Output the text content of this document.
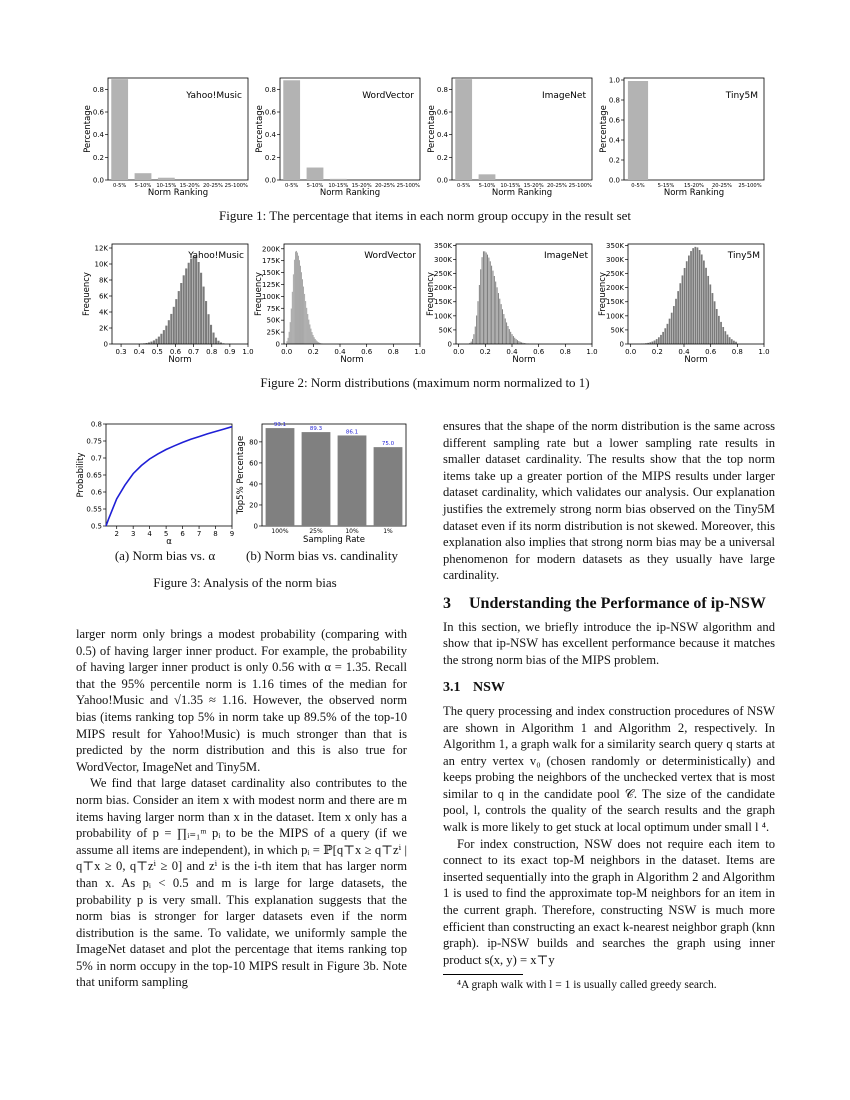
0.0
0.2
0.4
0.6
0.8
0-5% 5-10% 10-15% 15-20% 20-25% 25-100%
Norm Ranking
Percentage
Yahoo!Music
0.0
0.2
0.4
0.6
0.8
0-5% 5-10% 10-15% 15-20% 20-25% 25-100%
Norm Ranking
Percentage
WordVector
0.0
0.2
0.4
0.6
0.8
0-5% 5-10% 10-15% 15-20% 20-25% 25-100%
Norm Ranking
Percentage
ImageNet
0.0
0.2
0.4
0.6
0.8
1.0
0-5% 5-15% 15-20% 20-25% 25-100%
Norm Ranking
Percentage
Tiny5M
Figure 1: The percentage that items in each norm group occupy in the result set
0
2K
4K
6K
8K
10K
12K
0.3 0.4 0.5 0.6 0.7 0.8 0.9 1.0
Norm
Frequency
Yahoo!Music
0
25K
50K
75K
100K
125K
150K
175K
200K
0.0 0.2 0.4 0.6 0.8 1.0
Norm
Frequency
WordVector
0
50K
100K
150K
200K
250K
300K
350K
0.0 0.2 0.4 0.6 0.8 1.0
Norm
Frequency
ImageNet
0
50K
100K
150K
200K
250K
300K
350K
0.0 0.2 0.4 0.6 0.8 1.0
Norm
Frequency
Tiny5M
Figure 2: Norm distributions (maximum norm normalized to 1)
0.5
0.55
0.6
0.65
0.7
0.75
0.8
2 3 4 5 6 7 8 9
α
Probability
0
20
40
60
80
93.1
100%
89.3
25%
86.1
10%
75.0
1%
Sampling Rate
Top5% Percentage
(a) Norm bias vs. α	(b) Norm bias vs. candinality
Figure 3: Analysis of the norm bias

larger norm only brings a modest probability (comparing with 0.5) of having larger inner product. For example, the probability of having larger inner product is only 0.56 with α = 1.35. Recall that the 95% percentile norm is 1.16 times of the median for Yahoo!Music and √1.35 ≈ 1.16. However, the observed norm bias (items ranking top 5% in norm take up 89.5% of the top-10 MIPS result for Yahoo!Music) is much stronger than that is predicted by the norm distribution and this is also true for WordVector, ImageNet and Tiny5M.

We find that large dataset cardinality also contributes to the norm bias. Consider an item x with modest norm and there are m items having larger norm than x in the dataset. Item x only has a probability of p = ∏ᵢ₌₁ᵐ pᵢ to be the MIPS of a query (if we assume all items are independent), in which pᵢ = ℙ[q⊤x ≥ q⊤zⁱ | q⊤x ≥ 0, q⊤zⁱ ≥ 0] and zⁱ is the i-th item that has larger norm than x. As pᵢ < 0.5 and m is large for large datasets, the probability p is very small. This explanation suggests that the norm bias is stronger for larger datasets even if the norm distribution is the same. To validate, we uniformly sample the ImageNet dataset and plot the percentage that items ranking top 5% in norm occupy in the top-10 MIPS result in Figure 3b. Note that uniform sampling

ensures that the shape of the norm distribution is the same across different sampling rate but a lower sampling rate results in smaller dataset cardinality. The results show that the top norm items take up a greater portion of the MIPS results under larger dataset cardinality, which validates our analysis. Our explanation justifies the extremely strong norm bias observed on the Tiny5M dataset even if its norm distribution is not skewed. Moreover, this explanation also implies that strong norm bias may be a universal phenomenon for modern datasets as they usually have large cardinality.

3 Understanding the Performance of ip-NSW

In this section, we briefly introduce the ip-NSW algorithm and show that ip-NSW has excellent performance because it matches the strong norm bias of the MIPS problem.

3.1 NSW

The query processing and index construction procedures of NSW are shown in Algorithm 1 and Algorithm 2, respectively. In Algorithm 1, a graph walk for a similarity search query q starts at an entry vertex v₀ (chosen randomly or deterministically) and keeps probing the neighbors of the unchecked vertex that is most similar to q in the candidate pool 𝒞. The size of the candidate pool, l, controls the quality of the search results and the graph walk is more likely to get stuck at local optimum under small l ⁴.

For index construction, NSW does not require each item to connect to its exact top-M neighbors in the dataset. Items are inserted sequentially into the graph in Algorithm 2 and Algorithm 1 is used to find the approximate top-M neighbors for an item in the current graph. Therefore, constructing NSW is much more efficient than constructing an exact k-nearest neighbor graph (knn graph). ip-NSW builds and searches the graph using inner product s(x, y) = x⊤y

⁴A graph walk with l = 1 is usually called greedy search.
